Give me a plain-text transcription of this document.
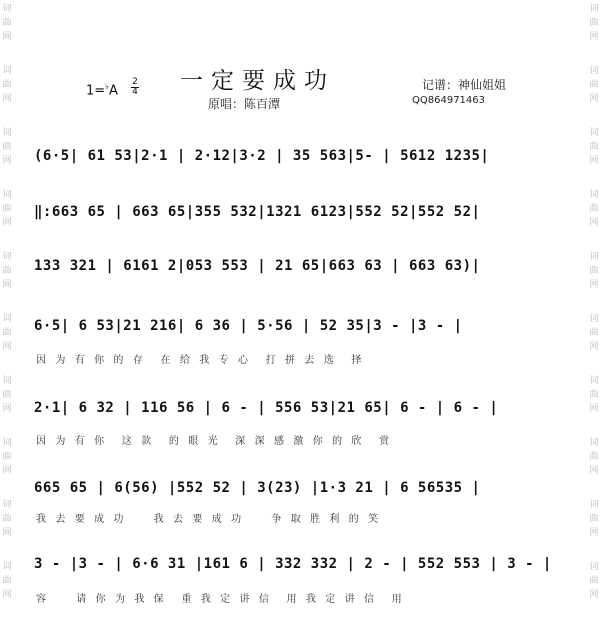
词
曲
网
词
曲
网
词
曲
网
词
曲
网
词
曲
网
词
曲
网
词
曲
网
词
曲
网
词
曲
网
词
曲
网
词
曲
网
词
曲
网
词
曲
网
词
曲
网
词
曲
网
词
曲
网
词
曲
网
词
曲
网
词
曲
网
词
曲
网
1=♭A
2
4 一定要成功
原唱：陈百潭
记谱：神仙姐姐
QQ864971463
(6·5| 61 53|2·1 | 2·12|3·2 | 35 563|5- | 5612 1235|
‖:663 65 | 663 65|355 532|1321 6123|552 52|552 52|
133 321 | 6161 2|053 553 | 21 65|663 63 | 663 63)|
6·5| 6 53|21 216| 6 36 | 5·56 | 52 35|3 - |3 - |
因  为  有  你  的  存    在  给  我  专  心    打  拼  去  选    择
2·1| 6 32 | 116 56 | 6 - | 556 53|21 65| 6 - | 6 - |
因  为  有  你    这  款    的  眼  光    深  深  感  激  你  的  欣    赏
665 65 | 6(56) |552 52 | 3(23) |1·3 21 | 6 56535 |
我  去  要  成  功       我  去  要  成  功       争  取  胜  利  的  笑
3 - |3 - | 6·6 31 |161 6 | 332 332 | 2 - | 552 553 | 3 - |
容       请  你  为  我  保    重  我  定  讲  信    用  我  定  讲  信    用
